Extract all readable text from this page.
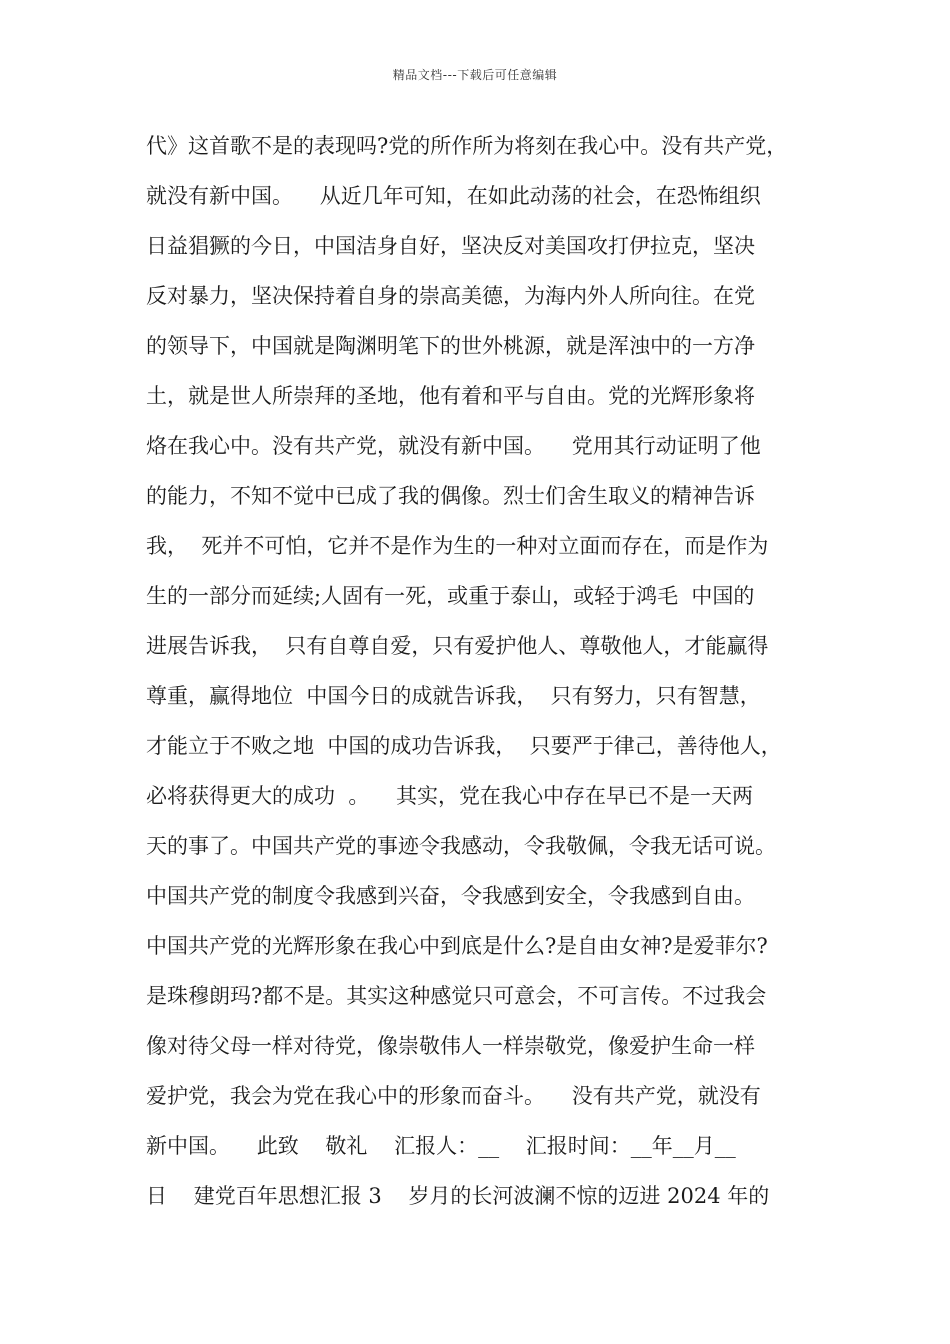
精品文档---下载后可任意编辑
代》这首歌不是的表现吗?党的所作所为将刻在我心中。没有共产党，
就没有新中国。    从近几年可知，在如此动荡的社会，在恐怖组织
日益猖獗的今日，中国洁身自好，坚决反对美国攻打伊拉克，坚决
反对暴力，坚决保持着自身的崇高美德，为海内外人所向往。在党
的领导下，中国就是陶渊明笔下的世外桃源，就是浑浊中的一方净
土，就是世人所崇拜的圣地，他有着和平与自由。党的光辉形象将
烙在我心中。没有共产党，就没有新中国。    党用其行动证明了他
的能力，不知不觉中已成了我的偶像。烈士们舍生取义的精神告诉
我，  死并不可怕，它并不是作为生的一种对立面而存在，而是作为
生的一部分而延续;人固有一死，或重于泰山，或轻于鸿毛  中国的
进展告诉我，  只有自尊自爱，只有爱护他人、尊敬他人，才能赢得
尊重，赢得地位  中国今日的成就告诉我，  只有努力，只有智慧，
才能立于不败之地  中国的成功告诉我，  只要严于律己，善待他人，
必将获得更大的成功  。    其实，党在我心中存在早已不是一天两
天的事了。中国共产党的事迹令我感动，令我敬佩，令我无话可说。
中国共产党的制度令我感到兴奋，令我感到安全，令我感到自由。
中国共产党的光辉形象在我心中到底是什么?是自由女神?是爱菲尔?
是珠穆朗玛?都不是。其实这种感觉只可意会，不可言传。不过我会
像对待父母一样对待党，像崇敬伟人一样崇敬党，像爱护生命一样
爱护党，我会为党在我心中的形象而奋斗。    没有共产党，就没有
新中国。    此致    敬礼    汇报人：__    汇报时间：__年__月__
日    建党百年思想汇报 3    岁月的长河波澜不惊的迈进 2024 年的
